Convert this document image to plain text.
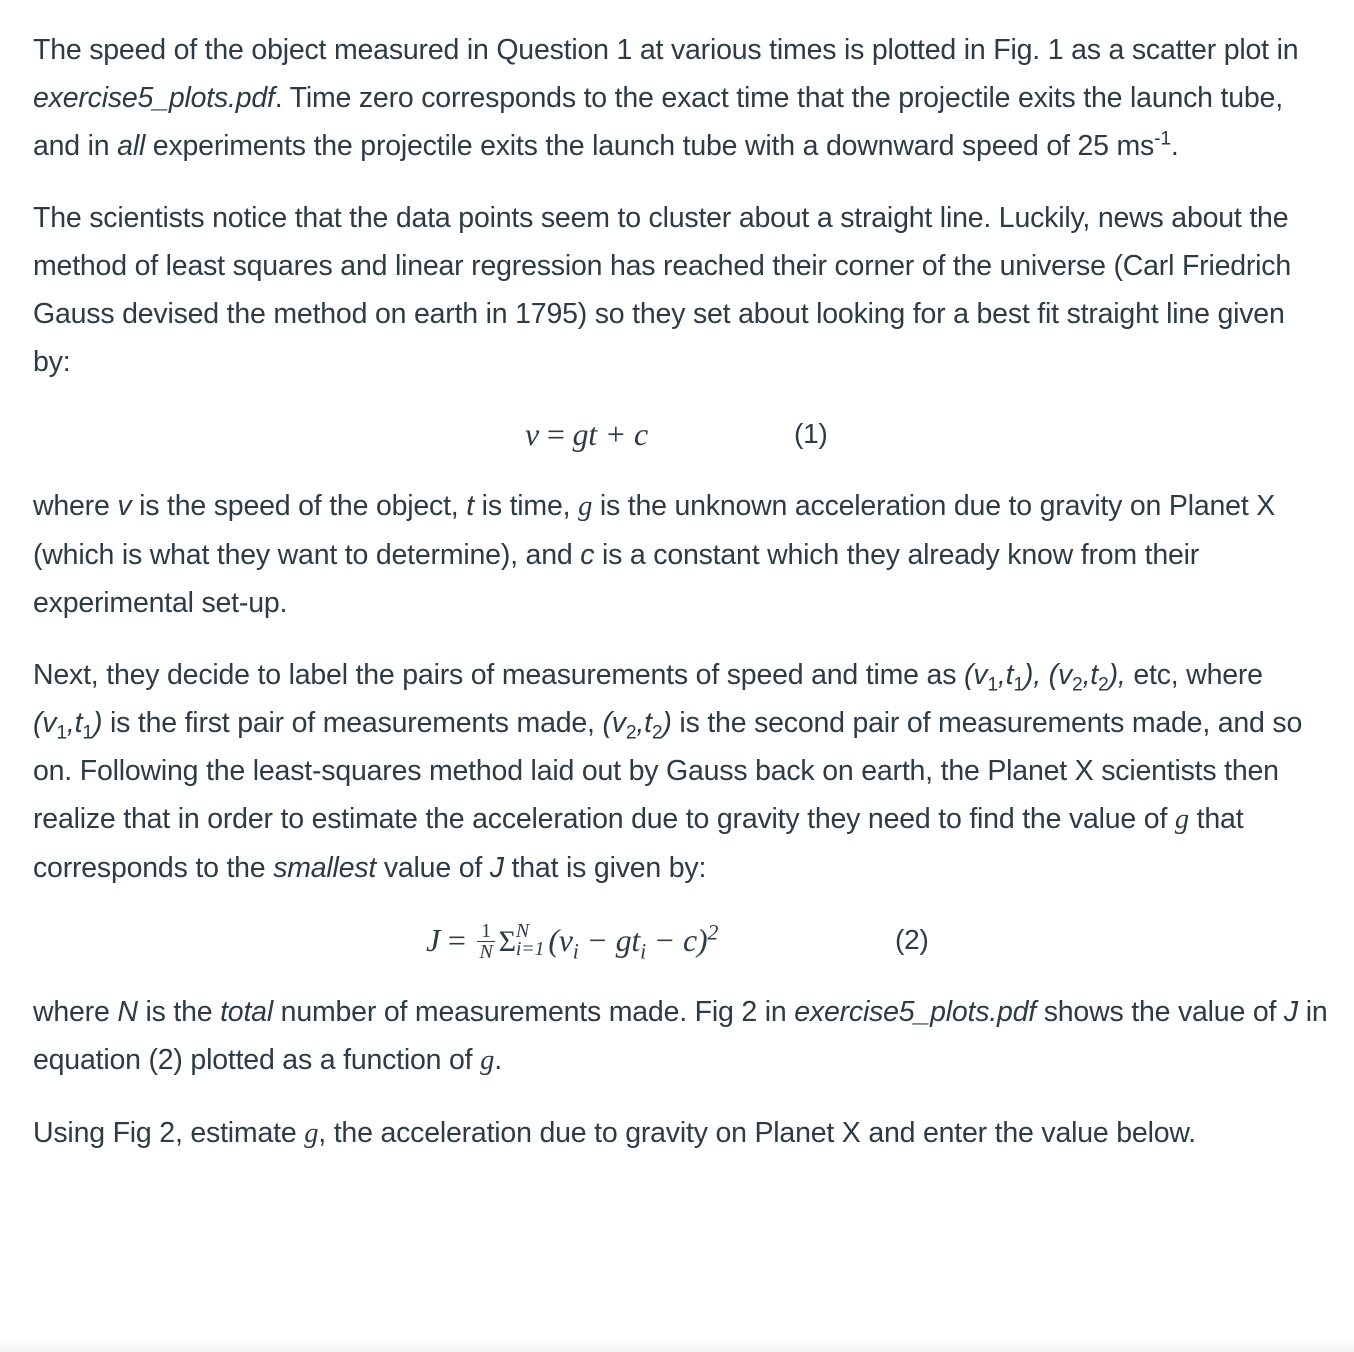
The speed of the object measured in Question 1 at various times is plotted in Fig. 1 as a scatter plot in exercise5_plots.pdf. Time zero corresponds to the exact time that the projectile exits the launch tube, and in all experiments the projectile exits the launch tube with a downward speed of 25 $ms^{-1}$.

The scientists notice that the data points seem to cluster about a straight line. Luckily, news about the method of least squares and linear regression has reached their corner of the universe (Carl Friedrich Gauss devised the method on earth in 1795) so they set about looking for a best fit straight line given by:

v = gt + c	(1)

where v is the speed of the object, t is time, g is the unknown acceleration due to gravity on Planet X (which is what they want to determine), and c is a constant which they already know from their experimental set-up.

Next, they decide to label the pairs of measurements of speed and time as $(v_1,t_1)$, $(v_2,t_2)$, etc, where $(v_1,t_1)$ is the first pair of measurements made, $(v_2,t_2)$ is the second pair of measurements made, and so on. Following the least-squares method laid out by Gauss back on earth, the Planet X scientists then realize that in order to estimate the acceleration due to gravity they need to find the value of g that corresponds to the smallest value of J that is given by:

$J = \frac{1}{N}$ Σ N
i=1 $(v_i - gt_i - c)^2$	(2)

where N is the total number of measurements made. Fig 2 in exercise5_plots.pdf shows the value of J in equation (2) plotted as a function of g.

Using Fig 2, estimate g, the acceleration due to gravity on Planet X and enter the value below.
